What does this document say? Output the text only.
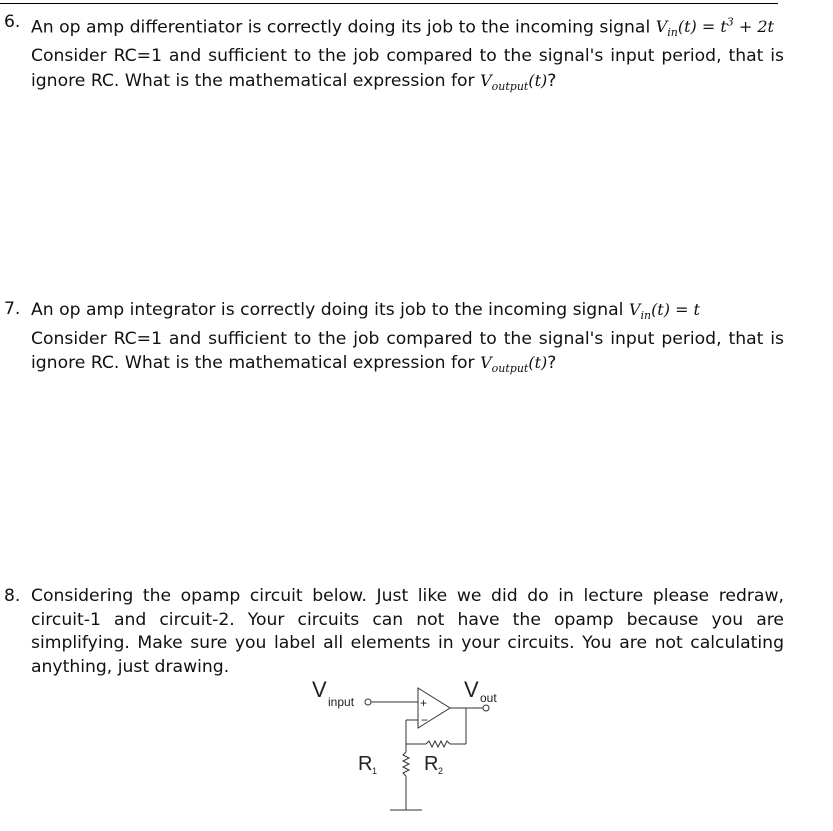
6. An op amp differentiator is correctly doing its job to the incoming signal $V_{in}(t) = t^3 + 2t$
Consider RC=1 and sufficient to the job compared to the signal's input period, that is ignore RC. What is the mathematical expression for $V_{output}(t)$?
7. An op amp integrator is correctly doing its job to the incoming signal $V_{in}(t) = t$
Consider RC=1 and sufficient to the job compared to the signal's input period, that is ignore RC. What is the mathematical expression for $V_{output}(t)$?
8. Considering the opamp circuit below. Just like we did do in lecture please redraw, circuit-1 and circuit-2. Your circuits can not have the opamp because you are simplifying. Make sure you label all elements in your circuits. You are not calculating anything, just drawing.
V input	+
−
V out
R 1 R 2
